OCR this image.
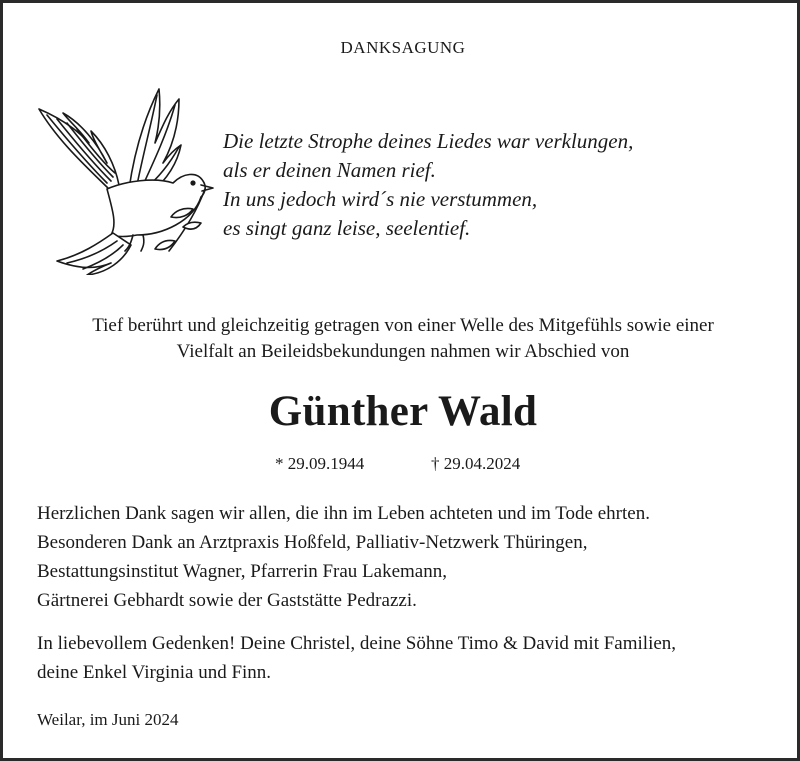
DANKSAGUNG
Die letzte Strophe deines Liedes war verklungen,
als er deinen Namen rief.
In uns jedoch wird´s nie verstummen,
es singt ganz leise, seelentief.
Tief berührt und gleichzeitig getragen von einer Welle des Mitgefühls sowie einer
Vielfalt an Beileidsbekundungen nahmen wir Abschied von
Günther Wald
* 29.09.1944	† 29.04.2024
Herzlichen Dank sagen wir allen, die ihn im Leben achteten und im Tode ehrten.
Besonderen Dank an Arztpraxis Hoßfeld, Palliativ-Netzwerk Thüringen,
Bestattungsinstitut Wagner, Pfarrerin Frau Lakemann,
Gärtnerei Gebhardt sowie der Gaststätte Pedrazzi.
In liebevollem Gedenken! Deine Christel, deine Söhne Timo & David mit Familien,
deine Enkel Virginia und Finn.
Weilar, im Juni 2024
